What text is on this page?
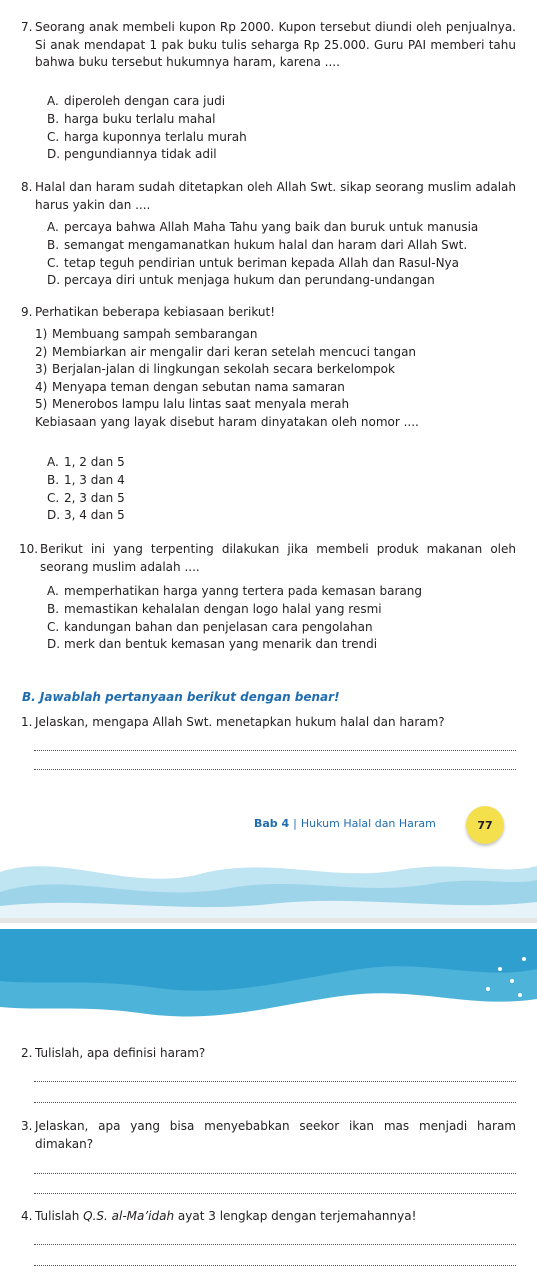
7. Seorang anak membeli kupon Rp 2000. Kupon tersebut diundi oleh penjualnya. Si anak mendapat 1 pak buku tulis seharga Rp 25.000. Guru PAI memberi tahu bahwa buku tersebut hukumnya haram, karena ....
A. diperoleh dengan cara judi
B. harga buku terlalu mahal
C. harga kuponnya terlalu murah
D. pengundiannya tidak adil
8. Halal dan haram sudah ditetapkan oleh Allah Swt. sikap seorang muslim adalah harus yakin dan ....
A. percaya bahwa Allah Maha Tahu yang baik dan buruk untuk manusia
B. semangat mengamanatkan hukum halal dan haram dari Allah Swt.
C. tetap teguh pendirian untuk beriman kepada Allah dan Rasul-Nya
D. percaya diri untuk menjaga hukum dan perundang-undangan
9. Perhatikan beberapa kebiasaan berikut!
1) Membuang sampah sembarangan
2) Membiarkan air mengalir dari keran setelah mencuci tangan
3) Berjalan-jalan di lingkungan sekolah secara berkelompok
4) Menyapa teman dengan sebutan nama samaran
5) Menerobos lampu lalu lintas saat menyala merah
Kebiasaan yang layak disebut haram dinyatakan oleh nomor ....
A. 1, 2 dan 5
B. 1, 3 dan 4
C. 2, 3 dan 5
D. 3, 4 dan 5
10. Berikut ini yang terpenting dilakukan jika membeli produk makanan oleh seorang muslim adalah ....
A. memperhatikan harga yanng tertera pada kemasan barang
B. memastikan kehalalan dengan logo halal yang resmi
C. kandungan bahan dan penjelasan cara pengolahan
D. merk dan bentuk kemasan yang menarik dan trendi
B. Jawablah pertanyaan berikut dengan benar!
1. Jelaskan, mengapa Allah Swt. menetapkan hukum halal dan haram?
Bab 4 | Hukum Halal dan Haram	77
2. Tulislah, apa definisi haram?
3. Jelaskan, apa yang bisa menyebabkan seekor ikan mas menjadi haram dimakan?
4. Tulislah Q.S. al-Ma’idah ayat 3 lengkap dengan terjemahannya!
